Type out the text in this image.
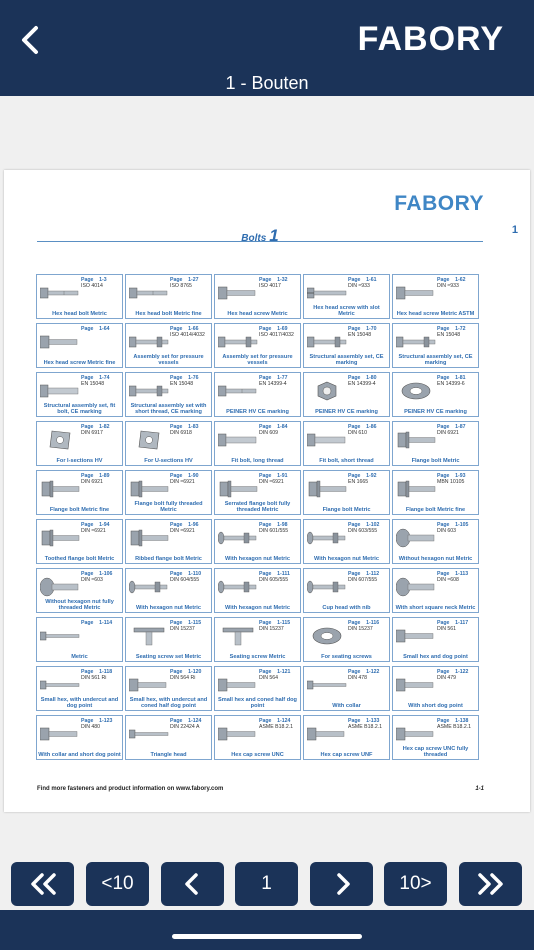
FABORY
1 - Bouten
FABORY
Bolts 1	1
Page    1-3
ISO 4014
Hex head bolt Metric
Page    1-27
ISO 8765
Hex head bolt Metric fine
Page    1-32
ISO 4017
Hex head screw Metric
Page    1-61
DIN ≈933
Hex head screw with slot Metric
Page    1-62
DIN ≈933
Hex head screw Metric ASTM
Page    1-64
Hex head screw Metric fine
Page    1-66
ISO 4014/4032
Assembly set for pressure vessels
Page    1-69
ISO 4017/4032
Assembly set for pressure vessels
Page    1-70
EN 15048
Structural assembly set, CE marking
Page    1-72
EN 15048
Structural assembly set, CE marking
Page    1-74
EN 15048
Structural assembly set, fit bolt, CE marking
Page    1-76
EN 15048
Structural assembly set with short thread, CE marking
Page    1-77
EN 14399-4
PEINER HV CE marking
Page    1-80
EN 14399-4
PEINER HV CE marking
Page    1-81
EN 14399-6
PEINER HV CE marking
Page    1-82
DIN 6917
For I-sections HV
Page    1-83
DIN 6918
For U-sections HV
Page    1-84
DIN 609
Fit bolt, long thread
Page    1-86
DIN 610
Fit bolt, short thread
Page    1-87
DIN 6921
Flange bolt Metric
Page    1-89
DIN 6921
Flange bolt Metric fine
Page    1-90
DIN ≈6921
Flange bolt fully threaded Metric
Page    1-91
DIN ≈6921
Serrated flange bolt fully threaded Metric
Page    1-92
EN 1665
Flange bolt Metric
Page    1-93
MBN 10105
Flange bolt Metric fine
Page    1-94
DIN ≈6921
Toothed flange bolt Metric
Page    1-96
DIN ≈6921
Ribbed flange bolt Metric
Page    1-98
DIN 601/555
With hexagon nut Metric
Page    1-102
DIN 603/555
With hexagon nut Metric
Page    1-105
DIN 603
Without hexagon nut Metric
Page    1-106
DIN ≈603
Without hexagon nut fully threaded Metric
Page    1-110
DIN 604/555
With hexagon nut Metric
Page    1-111
DIN 605/555
With hexagon nut Metric
Page    1-112
DIN 607/555
Cup head with nib
Page    1-113
DIN ≈608
With short square neck Metric
Page    1-114
Metric
Page    1-115
DIN 15237
Seating screw set Metric
Page    1-115
DIN 15237
Seating screw Metric
Page    1-116
DIN 15237
For seating screws
Page    1-117
DIN 561
Small hex and dog point
Page    1-118
DIN 561 Ri
Small hex, with undercut and dog point
Page    1-120
DIN 564 Ri
Small hex, with undercut and coned half dog point
Page    1-121
DIN 564
Small hex and coned half dog point
Page    1-122
DIN 478
With collar
Page    1-122
DIN 479
With short dog point
Page    1-123
DIN 480
With collar and short dog point
Page    1-124
DIN 22424 A
Triangle head
Page    1-124
ASME B18.2.1
Hex cap screw UNC
Page    1-133
ASME B18.2.1
Hex cap screw UNF
Page    1-138
ASME B18.2.1
Hex cap screw UNC fully threaded
Find more fasteners and product information on www.fabory.com	1-1
<10	1	10>
